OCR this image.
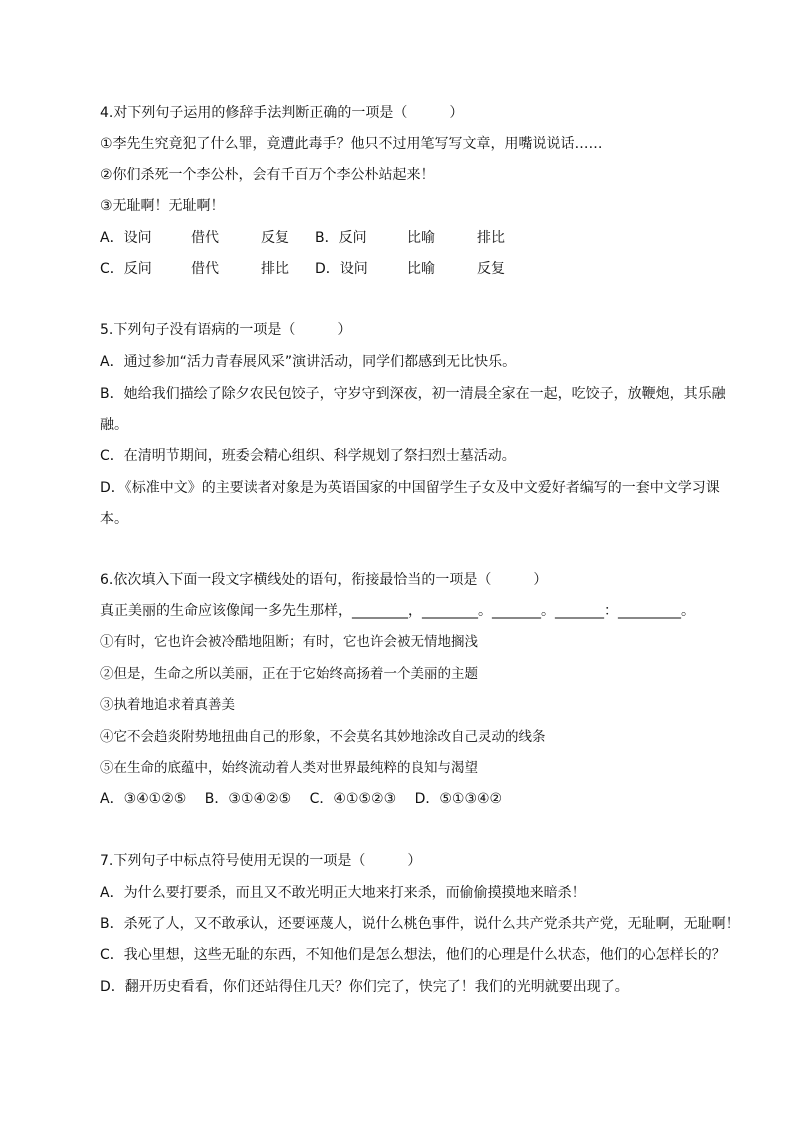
4.对下列句子运用的修辞手法判断正确的一项是（　　　）
①李先生究竟犯了什么罪，竟遭此毒手？他只不过用笔写写文章，用嘴说说话……
②你们杀死一个李公朴，会有千百万个李公朴站起来！
③无耻啊！无耻啊！
A．设问	借代	反复 B．反问	比喻	排比
C．反问	借代	排比 D．设问	比喻	反复
5.下列句子没有语病的一项是（　　　）
A．通过参加“活力青春展风采”演讲活动，同学们都感到无比快乐。
B．她给我们描绘了除夕农民包饺子，守岁守到深夜，初一清晨全家在一起，吃饺子，放鞭炮，其乐融
融。
C．在清明节期间，班委会精心组织、科学规划了祭扫烈士墓活动。
D．《标准中文》的主要读者对象是为英语国家的中国留学生子女及中文爱好者编写的一套中文学习课
本。
6.依次填入下面一段文字横线处的语句，衔接最恰当的一项是（　　　）
真正美丽的生命应该像闻一多先生那样，________，________。_______。_______：_________。
①有时，它也许会被冷酷地阻断；有时，它也许会被无情地搁浅
②但是，生命之所以美丽，正在于它始终高扬着一个美丽的主题
③执着地追求着真善美
④它不会趋炎附势地扭曲自己的形象，不会莫名其妙地涂改自己灵动的线条
⑤在生命的底蕴中，始终流动着人类对世界最纯粹的良知与渴望
A．③④①②⑤　 B．③①④②⑤　 C．④①⑤②③　 D．⑤①③④②
7.下列句子中标点符号使用无误的一项是（　　　）
A．为什么要打要杀，而且又不敢光明正大地来打来杀，而偷偷摸摸地来暗杀！
B．杀死了人，又不敢承认，还要诬蔑人，说什么桃色事件，说什么共产党杀共产党，无耻啊，无耻啊！
C．我心里想，这些无耻的东西，不知他们是怎么想法，他们的心理是什么状态，他们的心怎样长的？
D．翻开历史看看，你们还站得住几天？你们完了，快完了！我们的光明就要出现了。
